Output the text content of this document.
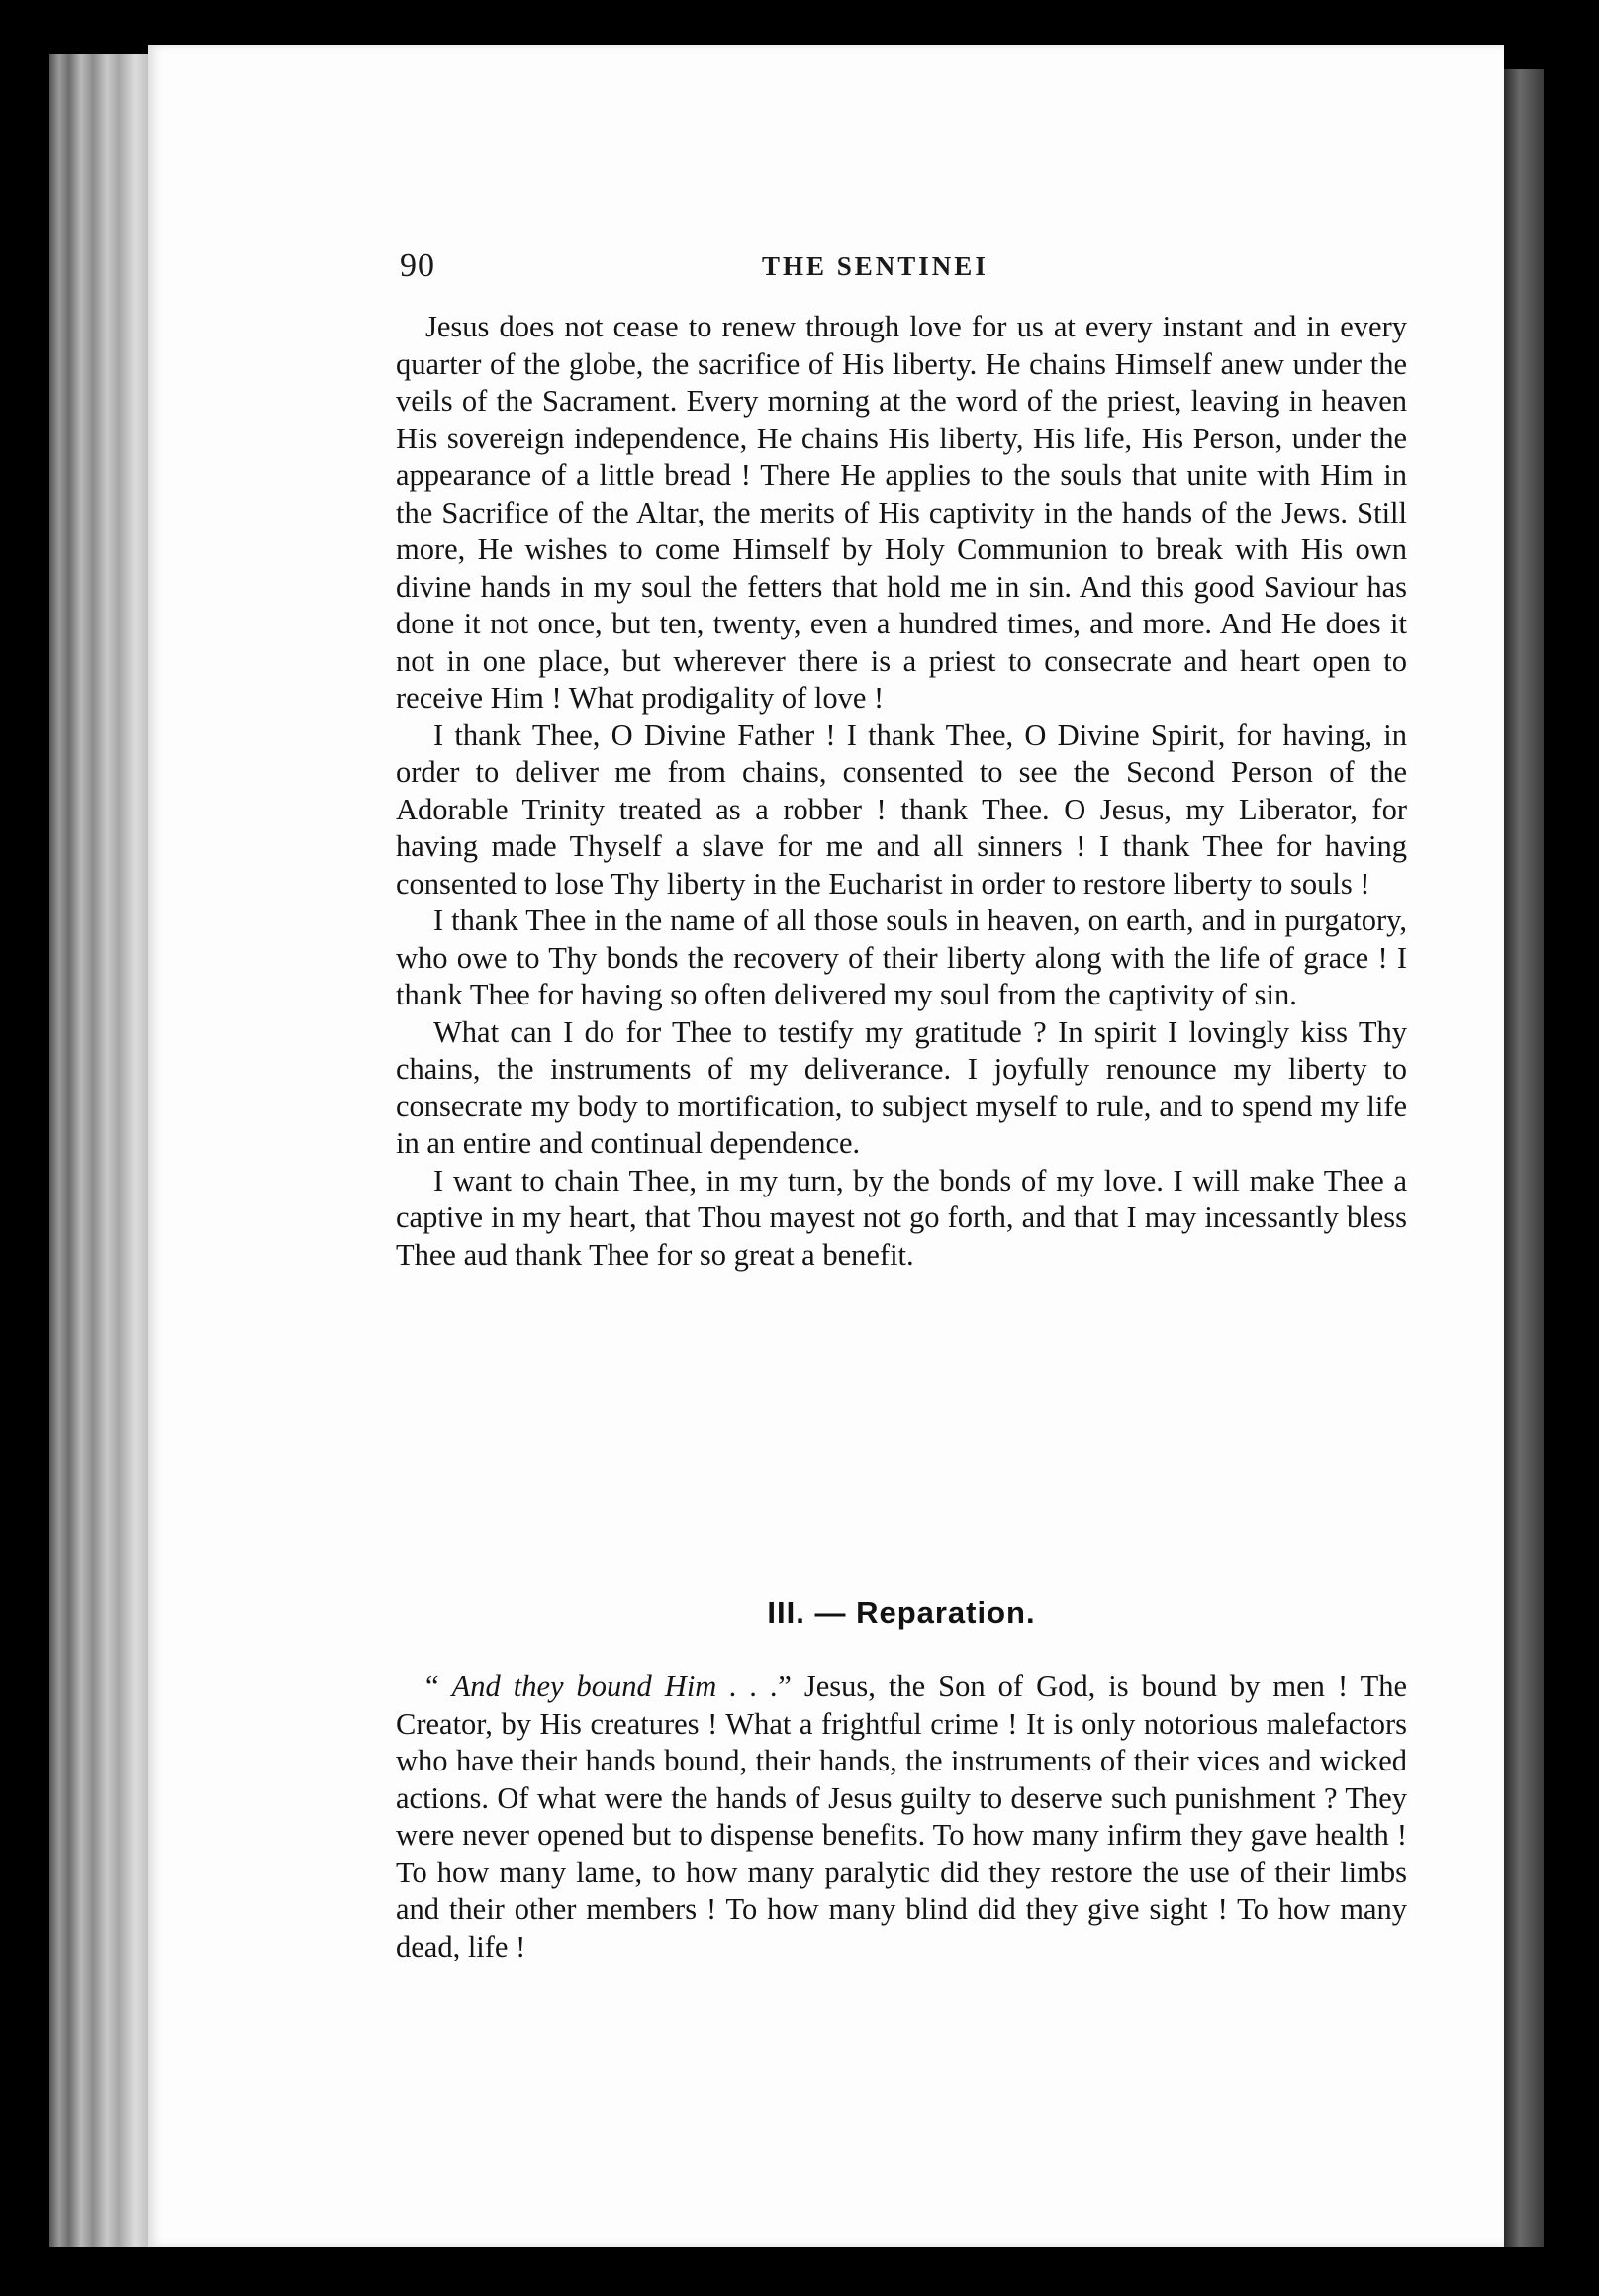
90	THE SENTINEI

Jesus does not cease to renew through love for us at every instant and in every quarter of the globe, the sacrifice of His liberty. He chains Himself anew under the veils of the Sacrament. Every morning at the word of the priest, leaving in heaven His sovereign independence, He chains His liberty, His life, His Person, under the appearance of a little bread ! There He applies to the souls that unite with Him in the Sacrifice of the Altar, the merits of His captivity in the hands of the Jews. Still more, He wishes to come Himself by Holy Communion to break with His own divine hands in my soul the fetters that hold me in sin. And this good Saviour has done it not once, but ten, twenty, even a hundred times, and more. And He does it not in one place, but wherever there is a priest to consecrate and heart open to receive Him ! What prodigality of love !

I thank Thee, O Divine Father ! I thank Thee, O Divine Spirit, for having, in order to deliver me from chains, consented to see the Second Person of the Adorable Trinity treated as a robber ! thank Thee. O Jesus, my Liberator, for having made Thyself a slave for me and all sinners ! I thank Thee for having consented to lose Thy liberty in the Eucharist in order to restore liberty to souls !

I thank Thee in the name of all those souls in heaven, on earth, and in purgatory, who owe to Thy bonds the recovery of their liberty along with the life of grace ! I thank Thee for having so often delivered my soul from the captivity of sin.

What can I do for Thee to testify my gratitude ? In spirit I lovingly kiss Thy chains, the instruments of my deliverance. I joyfully renounce my liberty to consecrate my body to mortification, to subject myself to rule, and to spend my life in an entire and continual dependence.

I want to chain Thee, in my turn, by the bonds of my love. I will make Thee a captive in my heart, that Thou mayest not go forth, and that I may incessantly bless Thee aud thank Thee for so great a benefit.

III. — Reparation.

“ And they bound Him . . .” Jesus, the Son of God, is bound by men ! The Creator, by His creatures ! What a frightful crime ! It is only notorious malefactors who have their hands bound, their hands, the instruments of their vices and wicked actions. Of what were the hands of Jesus guilty to deserve such punishment ? They were never opened but to dispense benefits. To how many infirm they gave health ! To how many lame, to how many paralytic did they restore the use of their limbs and their other members ! To how many blind did they give sight ! To how many dead, life !
